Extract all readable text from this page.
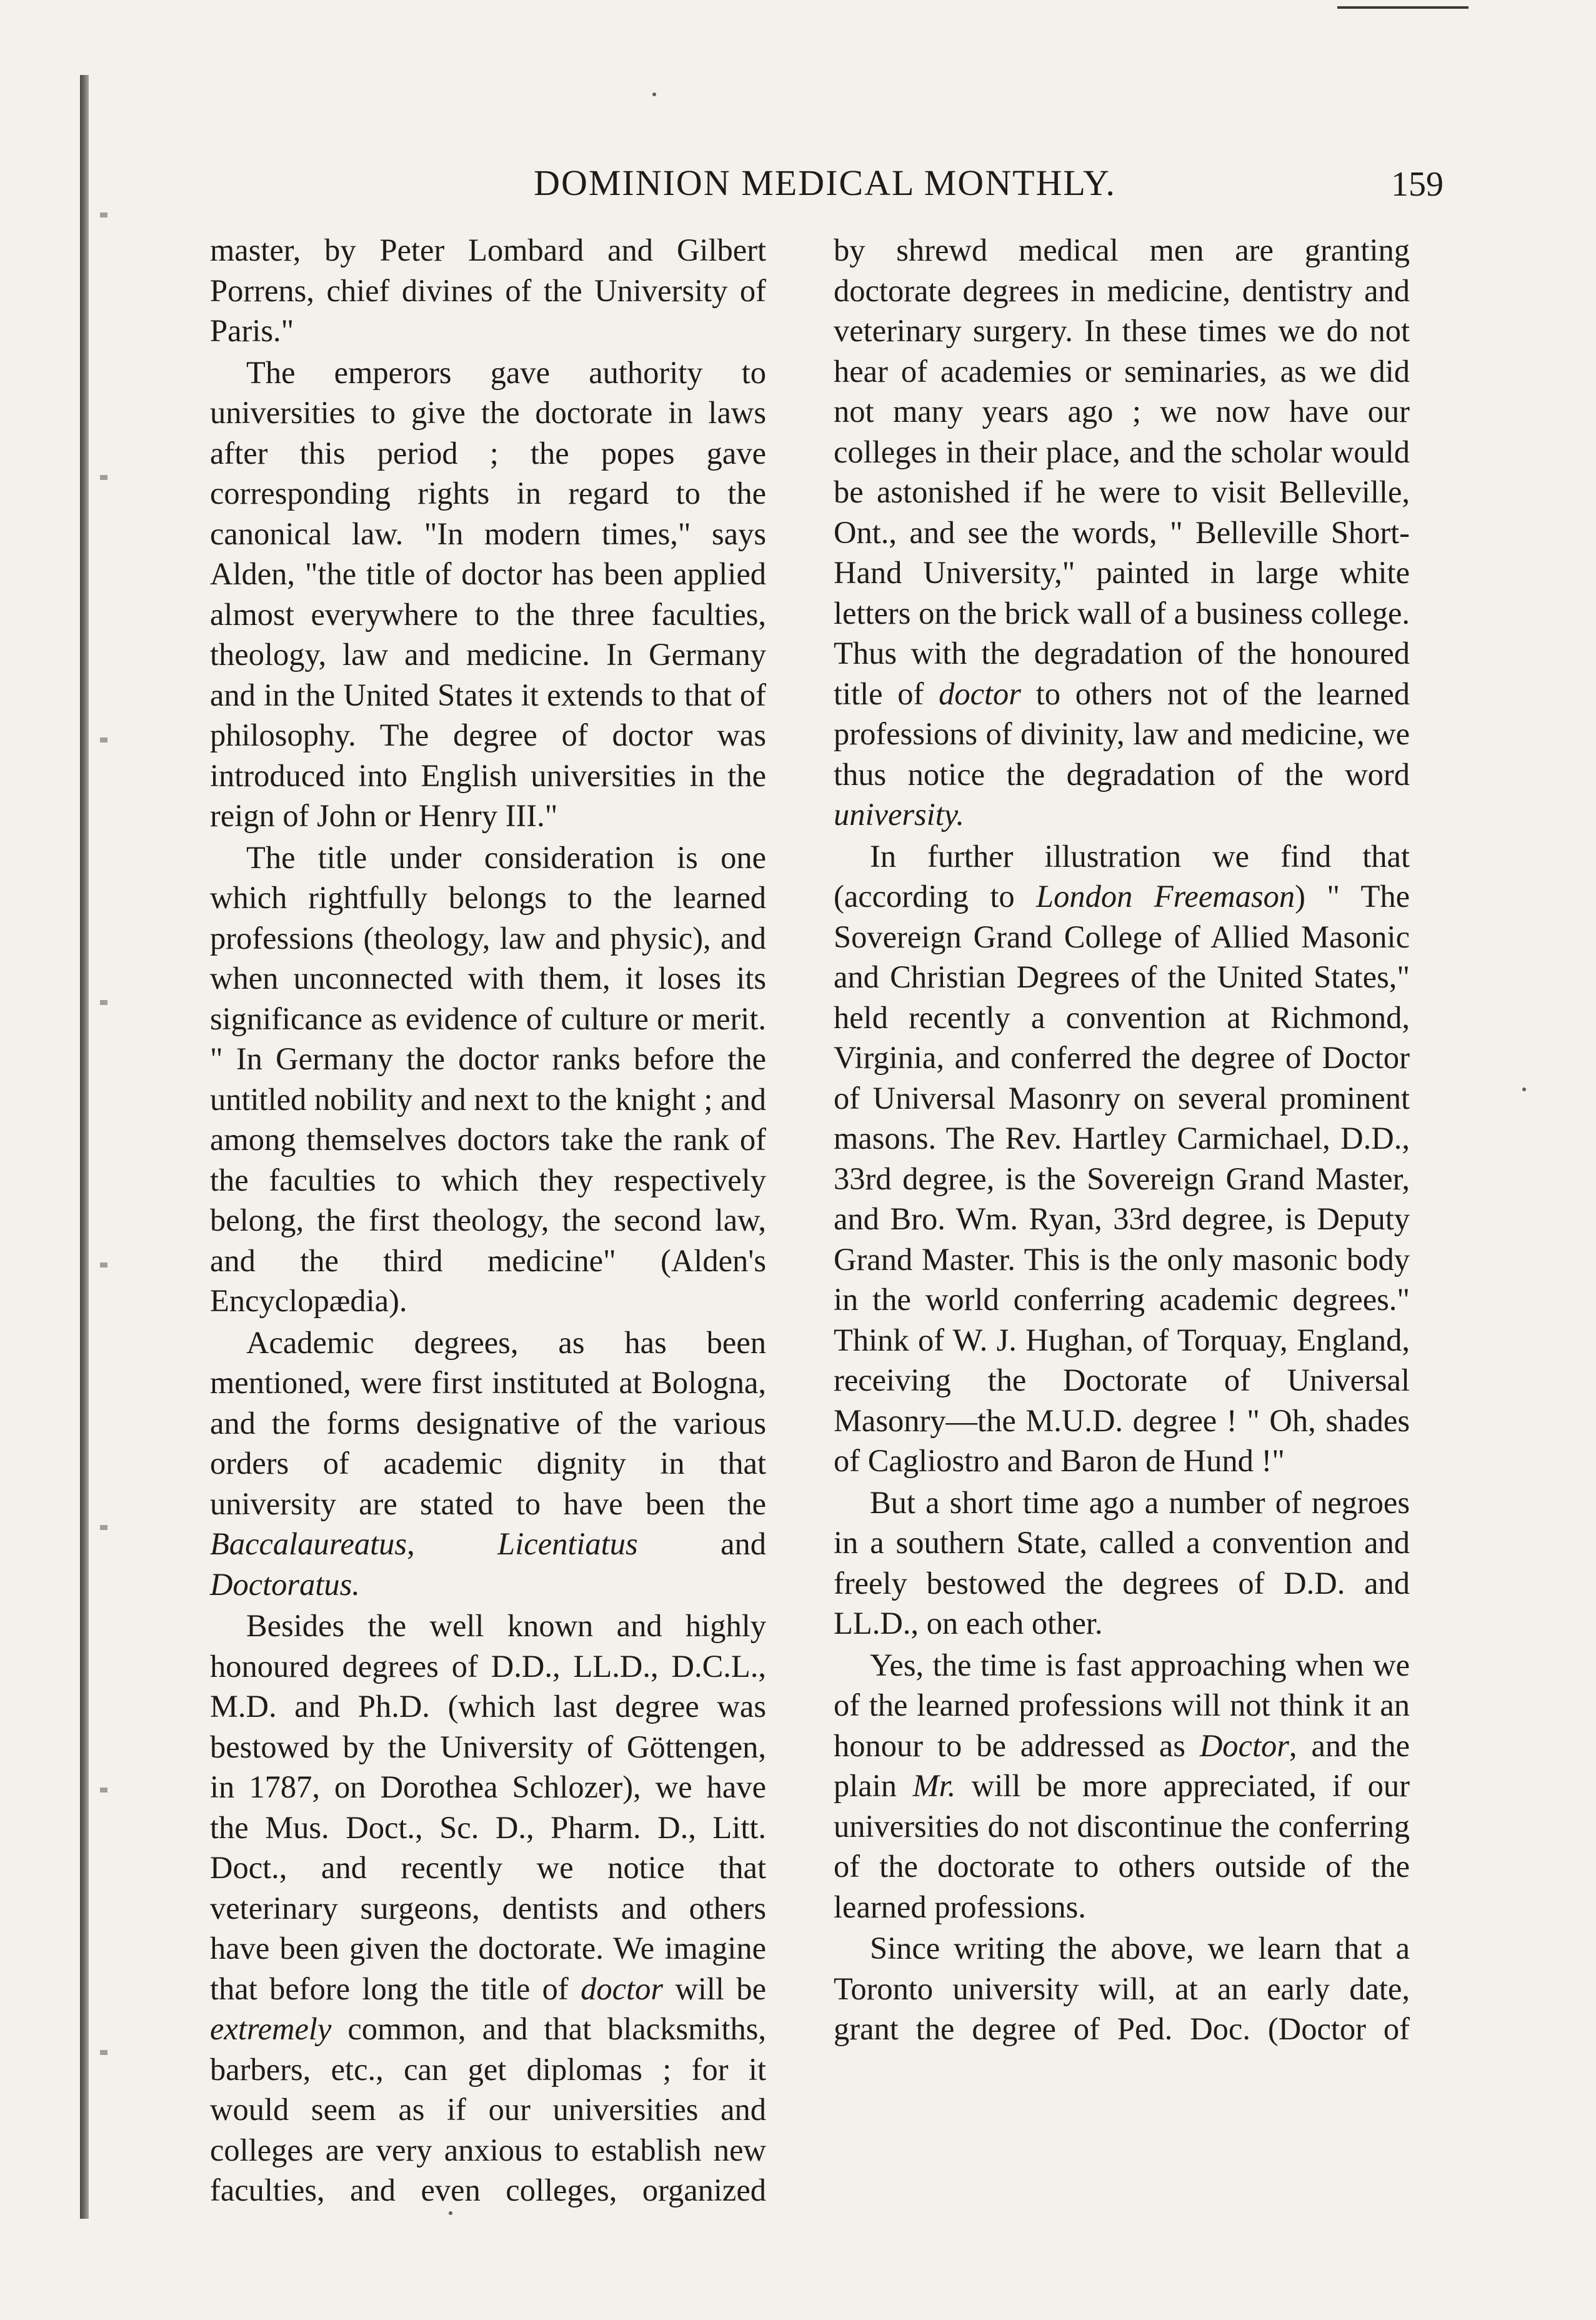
DOMINION MEDICAL MONTHLY.	159

master, by Peter Lombard and Gilbert Porrens, chief divines of the University of Paris."

The emperors gave authority to universities to give the doctorate in laws after this period ; the popes gave corresponding rights in regard to the canonical law. "In modern times," says Alden, "the title of doctor has been applied almost everywhere to the three faculties, theology, law and medicine. In Germany and in the United States it extends to that of philosophy. The degree of doctor was introduced into English universities in the reign of John or Henry III."

The title under consideration is one which rightfully belongs to the learned professions (theology, law and physic), and when unconnected with them, it loses its significance as evidence of culture or merit. " In Germany the doctor ranks before the untitled nobility and next to the knight ; and among themselves doctors take the rank of the faculties to which they respectively belong, the first theology, the second law, and the third medicine" (Alden's Encyclopædia).

Academic degrees, as has been mentioned, were first instituted at Bologna, and the forms designative of the various orders of academic dignity in that university are stated to have been the Baccalaureatus, Licentiatus and Doctoratus.

Besides the well known and highly honoured degrees of D.D., LL.D., D.C.L., M.D. and Ph.D. (which last degree was bestowed by the University of Göttengen, in 1787, on Dorothea Schlozer), we have the Mus. Doct., Sc. D., Pharm. D., Litt. Doct., and recently we notice that veterinary surgeons, dentists and others have been given the doctorate. We imagine that before long the title of doctor will be extremely common, and that blacksmiths, barbers, etc., can get diplomas ; for it would seem as if our universities and colleges are very anxious to establish new faculties, and even colleges, organized

by shrewd medical men are granting doctorate degrees in medicine, dentistry and veterinary surgery. In these times we do not hear of academies or seminaries, as we did not many years ago ; we now have our colleges in their place, and the scholar would be astonished if he were to visit Belleville, Ont., and see the words, " Belleville Short-Hand University," painted in large white letters on the brick wall of a business college. Thus with the degradation of the honoured title of doctor to others not of the learned professions of divinity, law and medicine, we thus notice the degradation of the word university.

In further illustration we find that (according to London Freemason) " The Sovereign Grand College of Allied Masonic and Christian Degrees of the United States," held recently a convention at Richmond, Virginia, and conferred the degree of Doctor of Universal Masonry on several prominent masons. The Rev. Hartley Carmichael, D.D., 33rd degree, is the Sovereign Grand Master, and Bro. Wm. Ryan, 33rd degree, is Deputy Grand Master. This is the only masonic body in the world conferring academic degrees." Think of W. J. Hughan, of Torquay, England, receiving the Doctorate of Universal Masonry—the M.U.D. degree ! " Oh, shades of Cagliostro and Baron de Hund !"

But a short time ago a number of negroes in a southern State, called a convention and freely bestowed the degrees of D.D. and LL.D., on each other.

Yes, the time is fast approaching when we of the learned professions will not think it an honour to be addressed as Doctor, and the plain Mr. will be more appreciated, if our universities do not discontinue the conferring of the doctorate to others outside of the learned professions.

Since writing the above, we learn that a Toronto university will, at an early date, grant the degree of Ped. Doc. (Doctor of
